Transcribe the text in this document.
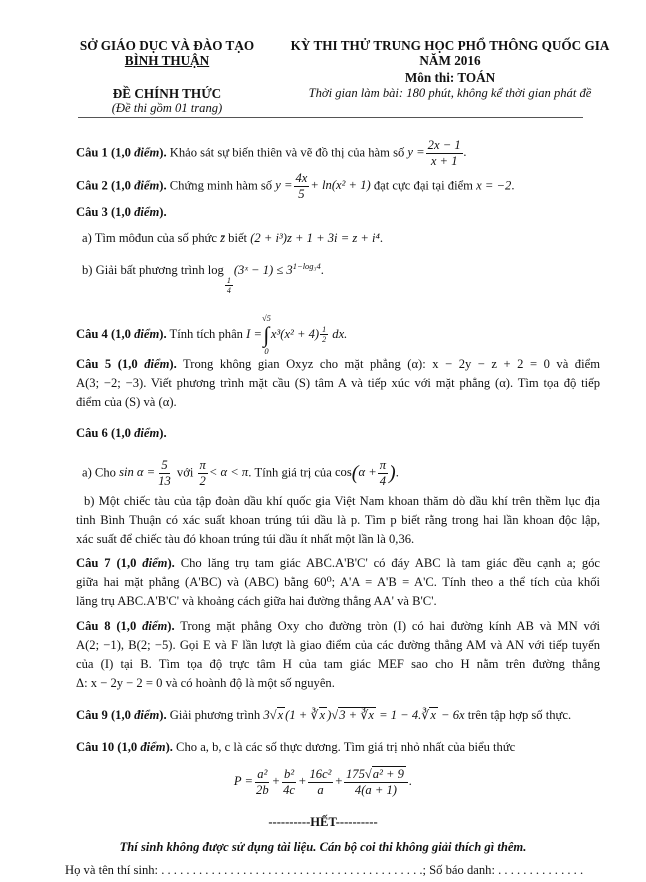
SỞ GIÁO DỤC VÀ ĐÀO TẠO
BÌNH THUẬN
ĐỀ CHÍNH THỨC
(Đề thi gồm 01 trang)
KỲ THI THỬ TRUNG HỌC PHỔ THÔNG QUỐC GIA
NĂM 2016
Môn thi: TOÁN
Thời gian làm bài: 180 phút, không kể thời gian phát đề
Câu 1 (1,0 điểm). Khảo sát sự biến thiên và vẽ đồ thị của hàm số $y = \frac{2x - 1}{x + 1}$ .
Câu 2 (1,0 điểm). Chứng minh hàm số $y = \frac{4x}{5} + \ln(x^2 + 1)$ đạt cực đại tại điểm x = −2.
Câu 3 (1,0 điểm).
a) Tìm môđun của số phức z̄ biết (2 + i³)z + 1 + 3i = z + i⁴.
b) Giải bất phương trình log
$\frac{1}{4}$
(3ˣ − $1) \le 3^{1-log_34}$.
Câu 4 (1,0 điểm). Tính tích phân I =
√5
∫
0
$x^3(x^2 + 4) \frac{1}{2}$ dx.
Câu 5 (1,0 điểm). Trong không gian Oxyz cho mặt phẳng (α): x − 2y − z + 2 = 0 và điểm
A(3; −2; −3). Viết phương trình mặt cầu (S) tâm A và tiếp xúc với mặt phẳng (α). Tìm tọa độ tiếp
điểm của (S) và (α).
Câu 6 (1,0 điểm).
a) Cho $\sin \alpha = \frac{5}{13}$ với $\frac{\pi}{2} < \alpha < \pi$. Tính giá trị của $\cos(\alpha + \frac{\pi}{4}$ ).
b) Một chiếc tàu của tập đoàn dầu khí quốc gia Việt Nam khoan thăm dò dầu khí trên thềm lục địa
tỉnh Bình Thuận có xác suất khoan trúng túi dầu là p. Tìm p biết rằng trong hai lần khoan độc lập,
xác suất để chiếc tàu đó khoan trúng túi dầu ít nhất một lần là 0,36.
Câu 7 (1,0 điểm). Cho lăng trụ tam giác ABC.A'B'C' có đáy ABC là tam giác đều cạnh a; góc
giữa hai mặt phẳng (A'BC) và (ABC) bằng 60⁰; A'A = A'B = A'C. Tính theo a thể tích của khối
lăng trụ ABC.A'B'C' và khoảng cách giữa hai đường thẳng AA' và B'C'.
Câu 8 (1,0 điểm). Trong mặt phẳng Oxy cho đường tròn (I) có hai đường kính AB và MN với
A(2; −1), B(2; −5). Gọi E và F lần lượt là giao điểm của các đường thẳng AM và AN với tiếp tuyến
của (I) tại B. Tìm tọa độ trực tâm H của tam giác MEF sao cho H nằm trên đường thẳng
Δ: x − 2y − 2 = 0 và có hoành độ là một số nguyên.
Câu 9 (1,0 điểm). Giải phương trình 3√x (1 + ∛x )√3 + ∛x = 1 − 4.∛x − 6x trên tập hợp số thực.
Câu 10 (1,0 điểm). Cho a, b, c là các số thực dương. Tìm giá trị nhỏ nhất của biểu thức
$P = \frac{\text{a²}}{2b} + \frac{\text{b²}}{4c} + \frac{\text{16c²}}{a} + \frac{\text{175√a² + 9}}{4(a + 1)}$ .
----------HẾT----------
Thí sinh không được sử dụng tài liệu. Cán bộ coi thi không giải thích gì thêm.
Họ và tên thí sinh: . . . . . . . . . . . . . . . . . . . . . . . . . . . . . . . . . . . . . . . . . .; Số báo danh: . . . . . . . . . . . . . .
